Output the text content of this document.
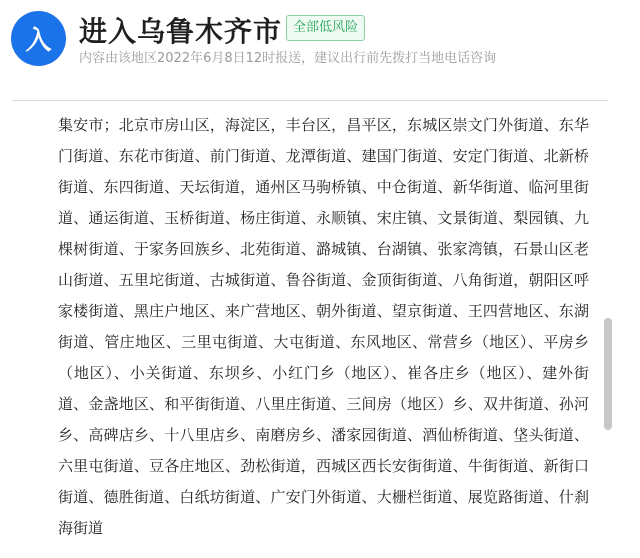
入 进入乌鲁木齐市 全部低风险
内容由该地区2022年6月8日12时报送，建议出行前先拨打当地电话咨询

集安市；北京市房山区，海淀区，丰台区，昌平区，东城区崇文门外街道、东华门街道、东花市街道、前门街道、龙潭街道、建国门街道、安定门街道、北新桥街道、东四街道、天坛街道，通州区马驹桥镇、中仓街道、新华街道、临河里街道、通运街道、玉桥街道、杨庄街道、永顺镇、宋庄镇、文景街道、梨园镇、九棵树街道、于家务回族乡、北苑街道、潞城镇、台湖镇、张家湾镇，石景山区老山街道、五里坨街道、古城街道、鲁谷街道、金顶街街道、八角街道，朝阳区呼家楼街道、黑庄户地区、来广营地区、朝外街道、望京街道、王四营地区、东湖街道、管庄地区、三里屯街道、大屯街道、东风地区、常营乡（地区）、平房乡（地区）、小关街道、东坝乡、小红门乡（地区）、崔各庄乡（地区）、建外街道、金盏地区、和平街街道、八里庄街道、三间房（地区）乡、双井街道、孙河乡、高碑店乡、十八里店乡、南磨房乡、潘家园街道、酒仙桥街道、垡头街道、六里屯街道、豆各庄地区、劲松街道，西城区西长安街街道、牛街街道、新街口街道、德胜街道、白纸坊街道、广安门外街道、大栅栏街道、展览路街道、什刹海街道
